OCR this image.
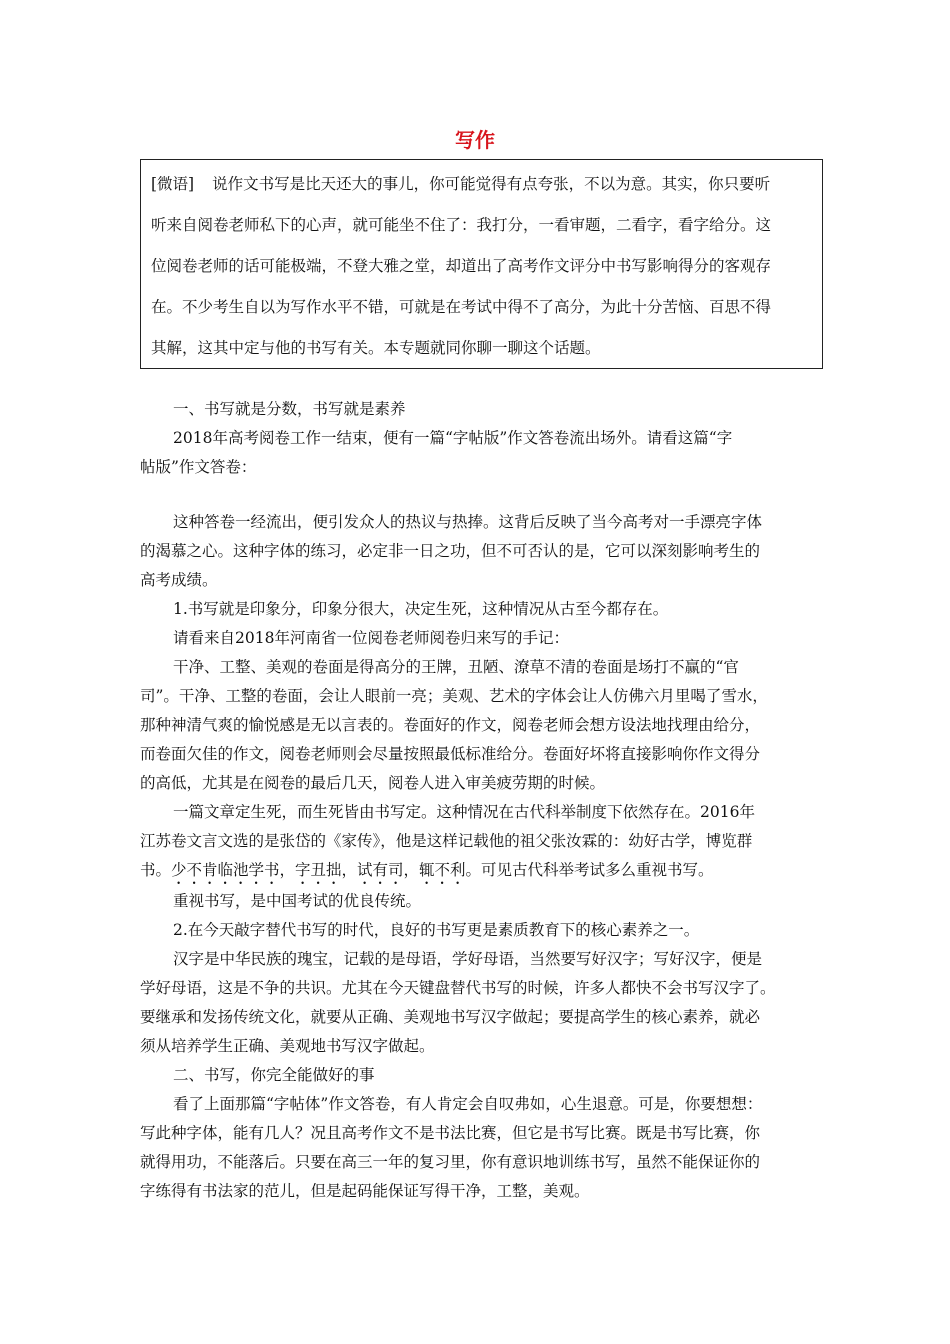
写作
[微语] 说作文书写是比天还大的事儿，你可能觉得有点夸张，不以为意。其实，你只要听
听来自阅卷老师私下的心声，就可能坐不住了：我打分，一看审题，二看字，看字给分。这
位阅卷老师的话可能极端，不登大雅之堂，却道出了高考作文评分中书写影响得分的客观存
在。不少考生自以为写作水平不错，可就是在考试中得不了高分，为此十分苦恼、百思不得
其解，这其中定与他的书写有关。本专题就同你聊一聊这个话题。
一、书写就是分数，书写就是素养
2018年高考阅卷工作一结束，便有一篇“字帖版”作文答卷流出场外。请看这篇“字
帖版”作文答卷：
这种答卷一经流出，便引发众人的热议与热捧。这背后反映了当今高考对一手漂亮字体
的渴慕之心。这种字体的练习，必定非一日之功，但不可否认的是，它可以深刻影响考生的
高考成绩。
1.书写就是印象分，印象分很大，决定生死，这种情况从古至今都存在。
请看来自2018年河南省一位阅卷老师阅卷归来写的手记：
干净、工整、美观的卷面是得高分的王牌，丑陋、潦草不清的卷面是场打不赢的“官
司”。干净、工整的卷面，会让人眼前一亮；美观、艺术的字体会让人仿佛六月里喝了雪水，
那种神清气爽的愉悦感是无以言表的。卷面好的作文，阅卷老师会想方设法地找理由给分，
而卷面欠佳的作文，阅卷老师则会尽量按照最低标准给分。卷面好坏将直接影响你作文得分
的高低，尤其是在阅卷的最后几天，阅卷人进入审美疲劳期的时候。
一篇文章定生死，而生死皆由书写定。这种情况在古代科举制度下依然存在。2016年
江苏卷文言文选的是张岱的《家传》，他是这样记载他的祖父张汝霖的：幼好古学，博览群
书。少不肯临池学书，字丑拙，试有司，辄不利。可见古代科举考试多么重视书写。
重视书写，是中国考试的优良传统。
2.在今天敲字替代书写的时代，良好的书写更是素质教育下的核心素养之一。
汉字是中华民族的瑰宝，记载的是母语，学好母语，当然要写好汉字；写好汉字，便是
学好母语，这是不争的共识。尤其在今天键盘替代书写的时候，许多人都快不会书写汉字了。
要继承和发扬传统文化，就要从正确、美观地书写汉字做起；要提高学生的核心素养，就必
须从培养学生正确、美观地书写汉字做起。
二、书写，你完全能做好的事
看了上面那篇“字帖体”作文答卷，有人肯定会自叹弗如，心生退意。可是，你要想想：
写此种字体，能有几人？况且高考作文不是书法比赛，但它是书写比赛。既是书写比赛，你
就得用功，不能落后。只要在高三一年的复习里，你有意识地训练书写，虽然不能保证你的
字练得有书法家的范儿，但是起码能保证写得干净，工整，美观。
